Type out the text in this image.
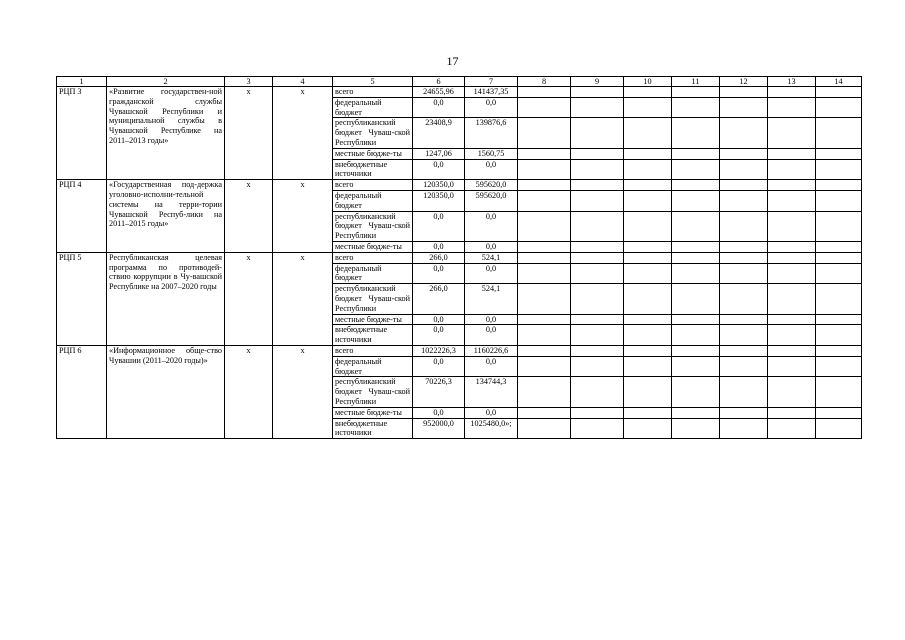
17
1	2	3	4	5	6	7	8	9	10	11	12	13	14
РЦП 3	«Развитие государствен-ной гражданской службы Чувашской Республики и муниципальной службы в Чувашской Республике на 2011–2013 годы»	х	х	всего	24655,96	141437,35							
				федеральный бюджет	0,0	0,0							
				республиканский бюджет Чуваш-ской Республики	23408,9	139876,6							
				местные бюдже-ты	1247,06	1560,75							
				внебюджетные источники	0,0	0,0							
РЦП 4	«Государственная под-держка уголовно-исполни-тельной системы на терри-тории Чувашской Респуб-лики на 2011–2015 годы»	х	х	всего	120350,0	595620,0							
				федеральный бюджет	120350,0	595620,0							
				республиканский бюджет Чуваш-ской Республики	0,0	0,0							
				местные бюдже-ты	0,0	0,0							
РЦП 5	Республиканская целевая программа по противодей-ствию коррупции в Чу-вашской Республике на 2007–2020 годы	х	х	всего	266,0	524,1							
				федеральный бюджет	0,0	0,0							
				республиканский бюджет Чуваш-ской Республики	266,0	524,1							
				местные бюдже-ты	0,0	0,0							
				внебюджетные источники	0,0	0,0							
РЦП 6	«Информационное обще-ство Чувашии (2011–2020 годы)»	х	х	всего	1022226,3	1160226,6							
				федеральный бюджет	0,0	0,0							
				республиканский бюджет Чуваш-ской Республики	70226,3	134744,3							
				местные бюдже-ты	0,0	0,0							
				внебюджетные источники	952000,0	1025480,0»;							
